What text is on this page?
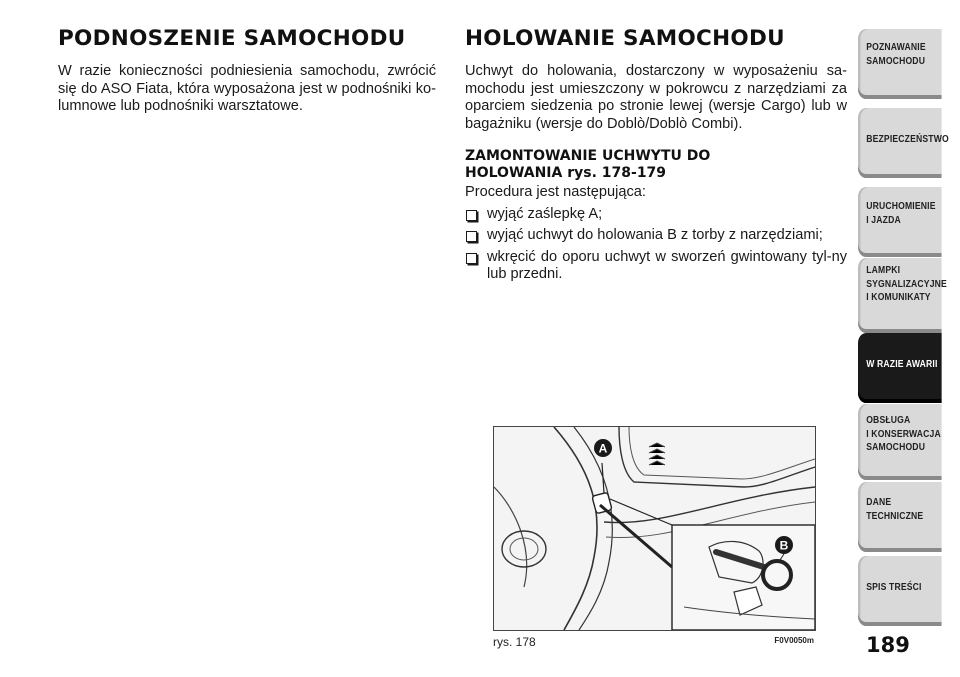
PODNOSZENIE SAMOCHODU

W razie konieczności podniesienia samochodu, zwrócić się do ASO Fiata, która wyposażona jest w podnośniki ko-lumnowe lub podnośniki warsztatowe.

HOLOWANIE SAMOCHODU

Uchwyt do holowania, dostarczony w wyposażeniu sa-mochodu jest umieszczony w pokrowcu z narzędziami za oparciem siedzenia po stronie lewej (wersje Cargo) lub w bagażniku (wersje do Doblò/Doblò Combi).

ZAMONTOWANIE UCHWYTU DO
HOLOWANIA rys. 178-179

Procedura jest następująca:

wyjąć zaślepkę A;
wyjąć uchwyt do holowania B z torby z narzędziami;
wkręcić do oporu uchwyt w sworzeń gwintowany tyl-ny lub przedni.
A
B
rys. 178	F0V0050m
POZNAWANIE
SAMOCHODU
BEZPIECZEŃSTWO
URUCHOMIENIE
I JAZDA
LAMPKI
SYGNALIZACYJNE
I KOMUNIKATY
W RAZIE AWARII
OBSŁUGA
I KONSERWACJA
SAMOCHODU
DANE
TECHNICZNE
SPIS TREŚCI
189
